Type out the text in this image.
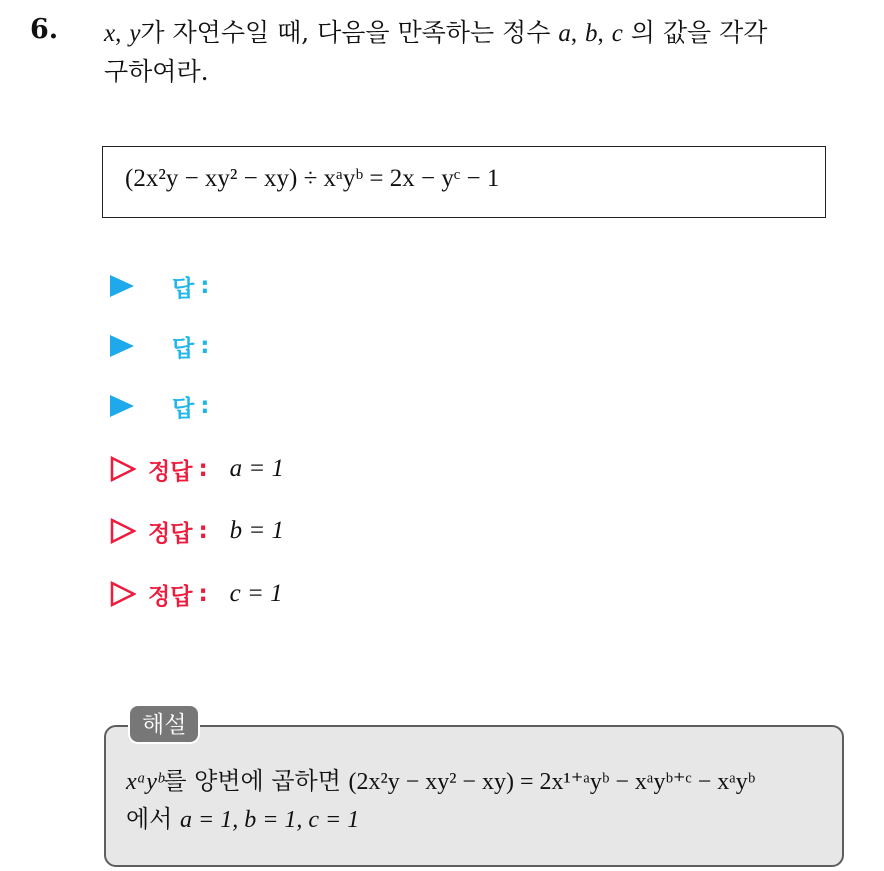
6. x, y가 자연수일 때, 다음을 만족하는 정수 a, b, c 의 값을 각각
구하여라.
(2x²y − xy² − xy) ÷ xᵃyᵇ = 2x − yᶜ − 1
답 :
답 :
답 :
정답 : a = 1
정답 : b = 1
정답 : c = 1
xᵃyᵇ를 양변에 곱하면 (2x²y − xy² − xy) = 2x¹⁺ᵃyᵇ − xᵃyᵇ⁺ᶜ − xᵃyᵇ
에서 a = 1, b = 1, c = 1
해설
